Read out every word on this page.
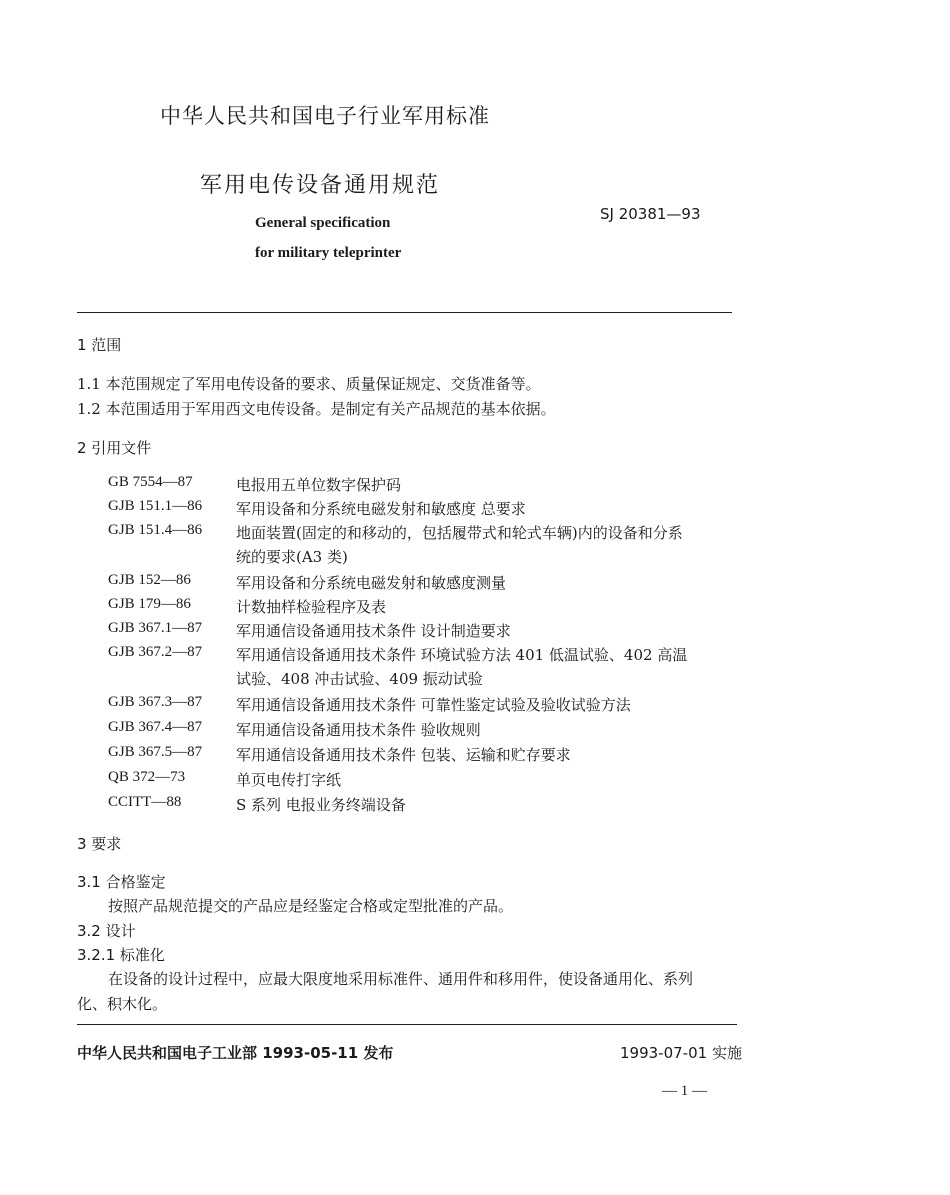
中华人民共和国电子行业军用标准
军用电传设备通用规范
General specification
for military teleprinter
SJ 20381—93
1 范围
1.1 本范围规定了军用电传设备的要求、质量保证规定、交货准备等。
1.2 本范围适用于军用西文电传设备。是制定有关产品规范的基本依据。
2 引用文件
GB 7554—87	电报用五单位数字保护码
GJB 151.1—86 军用设备和分系统电磁发射和敏感度 总要求
GJB 151.4—86 地面装置(固定的和移动的，包括履带式和轮式车辆)内的设备和分系
统的要求(A3 类)
GJB 152—86	军用设备和分系统电磁发射和敏感度测量
GJB 179—86	计数抽样检验程序及表
GJB 367.1—87 军用通信设备通用技术条件 设计制造要求
GJB 367.2—87 军用通信设备通用技术条件 环境试验方法 401 低温试验、402 高温
试验、408 冲击试验、409 振动试验
GJB 367.3—87 军用通信设备通用技术条件 可靠性鉴定试验及验收试验方法
GJB 367.4—87 军用通信设备通用技术条件 验收规则
GJB 367.5—87 军用通信设备通用技术条件 包装、运输和贮存要求
QB 372—73	单页电传打字纸
CCITT—88	S 系列 电报业务终端设备
3 要求
3.1 合格鉴定
按照产品规范提交的产品应是经鉴定合格或定型批准的产品。
3.2 设计
3.2.1 标准化
在设备的设计过程中，应最大限度地采用标准件、通用件和移用件，使设备通用化、系列
化、积木化。
中华人民共和国电子工业部 1993-05-11 发布	1993-07-01 实施
— 1 —
